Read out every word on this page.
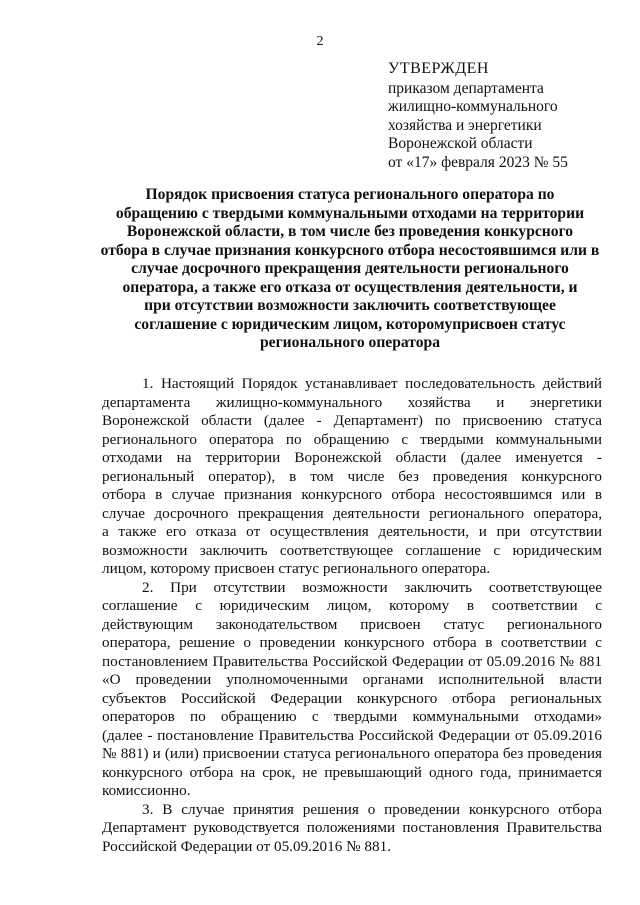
2
УТВЕРЖДЕН
приказом департамента
жилищно-коммунального
хозяйства и энергетики
Воронежской области
от «17» февраля 2023 № 55
Порядок присвоения статуса регионального оператора по
обращению с твердыми коммунальными отходами на территории
Воронежской области, в том числе без проведения конкурсного
отбора в случае признания конкурсного отбора несостоявшимся или в
случае досрочного прекращения деятельности регионального
оператора, а также его отказа от осуществления деятельности, и
при отсутствии возможности заключить соответствующее
соглашение с юридическим лицом, которомуприсвоен статус
регионального оператора
1. Настоящий Порядок устанавливает последовательность действий
департамента жилищно-коммунального хозяйства и энергетики
Воронежской области (далее - Департамент) по присвоению статуса
регионального оператора по обращению с твердыми коммунальными
отходами на территории Воронежской области (далее именуется -
региональный оператор), в том числе без проведения конкурсного
отбора в случае признания конкурсного отбора несостоявшимся или в
случае досрочного прекращения деятельности регионального оператора,
а также его отказа от осуществления деятельности, и при отсутствии
возможности заключить соответствующее соглашение с юридическим
лицом, которому присвоен статус регионального оператора.
2. При отсутствии возможности заключить соответствующее
соглашение с юридическим лицом, которому в соответствии с
действующим законодательством присвоен статус регионального
оператора, решение о проведении конкурсного отбора в соответствии с
постановлением Правительства Российской Федерации от 05.09.2016 № 881
«О проведении уполномоченными органами исполнительной власти
субъектов Российской Федерации конкурсного отбора региональных
операторов по обращению с твердыми коммунальными отходами»
(далее - постановление Правительства Российской Федерации от 05.09.2016
№ 881) и (или) присвоении статуса регионального оператора без проведения
конкурсного отбора на срок, не превышающий одного года, принимается
комиссионно.
3. В случае принятия решения о проведении конкурсного отбора
Департамент руководствуется положениями постановления Правительства
Российской Федерации от 05.09.2016 № 881.
